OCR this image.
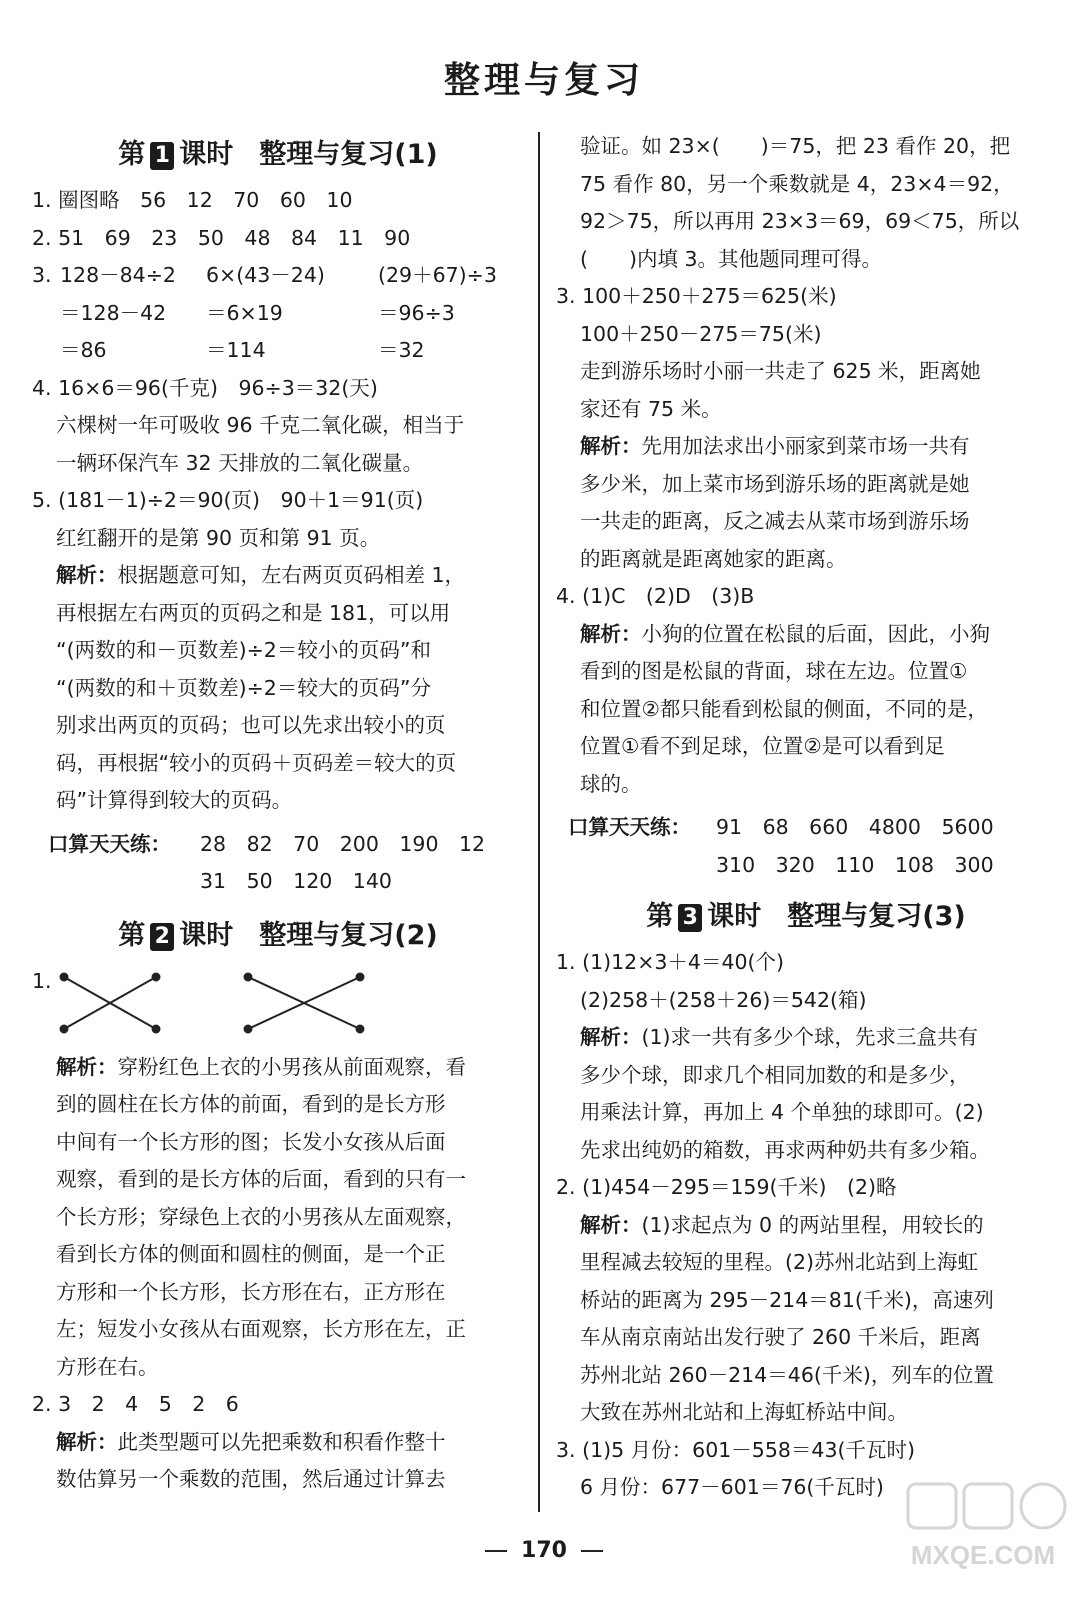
整理与复习
第 1 课时 整理与复习(1)
1. 圈图略　56　12　70　60　10
2. 51　69　23　50　48　84　11　90
3. 128－84÷2	6×(43－24)	(29＋67)÷3
＝128－42	＝6×19	＝96÷3
＝86	＝114	＝32
4. 16×6＝96(千克)　96÷3＝32(天)
六棵树一年可吸收 96 千克二氧化碳，相当于
一辆环保汽车 32 天排放的二氧化碳量。
5. (181－1)÷2＝90(页)　90＋1＝91(页)
红红翻开的是第 90 页和第 91 页。
解析：根据题意可知，左右两页页码相差 1，
再根据左右两页的页码之和是 181，可以用
“(两数的和－页数差)÷2＝较小的页码”和
“(两数的和＋页数差)÷2＝较大的页码”分
别求出两页的页码；也可以先求出较小的页
码，再根据“较小的页码＋页码差＝较大的页
码”计算得到较大的页码。
口算天天练： 28　82　70　200　190　12
31　50　120　140
第 2 课时 整理与复习(2)
1.
解析：穿粉红色上衣的小男孩从前面观察，看
到的圆柱在长方体的前面，看到的是长方形
中间有一个长方形的图；长发小女孩从后面
观察，看到的是长方体的后面，看到的只有一
个长方形；穿绿色上衣的小男孩从左面观察，
看到长方体的侧面和圆柱的侧面，是一个正
方形和一个长方形，长方形在右，正方形在
左；短发小女孩从右面观察，长方形在左，正
方形在右。
2. 3　2　4　5　2　6
解析：此类型题可以先把乘数和积看作整十
数估算另一个乘数的范围，然后通过计算去
验证。如 23×(　　)＝75，把 23 看作 20，把
75 看作 80，另一个乘数就是 4，23×4＝92，
92＞75，所以再用 23×3＝69，69＜75，所以
(　　)内填 3。其他题同理可得。
3. 100＋250＋275＝625(米)
100＋250－275＝75(米)
走到游乐场时小丽一共走了 625 米，距离她
家还有 75 米。
解析：先用加法求出小丽家到菜市场一共有
多少米，加上菜市场到游乐场的距离就是她
一共走的距离，反之减去从菜市场到游乐场
的距离就是距离她家的距离。
4. (1)C　(2)D　(3)B
解析：小狗的位置在松鼠的后面，因此，小狗
看到的图是松鼠的背面，球在左边。位置①
和位置②都只能看到松鼠的侧面，不同的是，
位置①看不到足球，位置②是可以看到足
球的。
口算天天练： 91　68　660　4800　5600
310　320　110　108　300
第 3 课时 整理与复习(3)
1. (1)12×3＋4＝40(个)
(2)258＋(258＋26)＝542(箱)
解析：(1)求一共有多少个球，先求三盒共有
多少个球，即求几个相同加数的和是多少，
用乘法计算，再加上 4 个单独的球即可。(2)
先求出纯奶的箱数，再求两种奶共有多少箱。
2. (1)454－295＝159(千米)　(2)略
解析：(1)求起点为 0 的两站里程，用较长的
里程减去较短的里程。(2)苏州北站到上海虹
桥站的距离为 295－214＝81(千米)，高速列
车从南京南站出发行驶了 260 千米后，距离
苏州北站 260－214＝46(千米)，列车的位置
大致在苏州北站和上海虹桥站中间。
3. (1)5 月份：601－558＝43(千瓦时)
6 月份：677－601＝76(千瓦时)
170	MXQE.COM
